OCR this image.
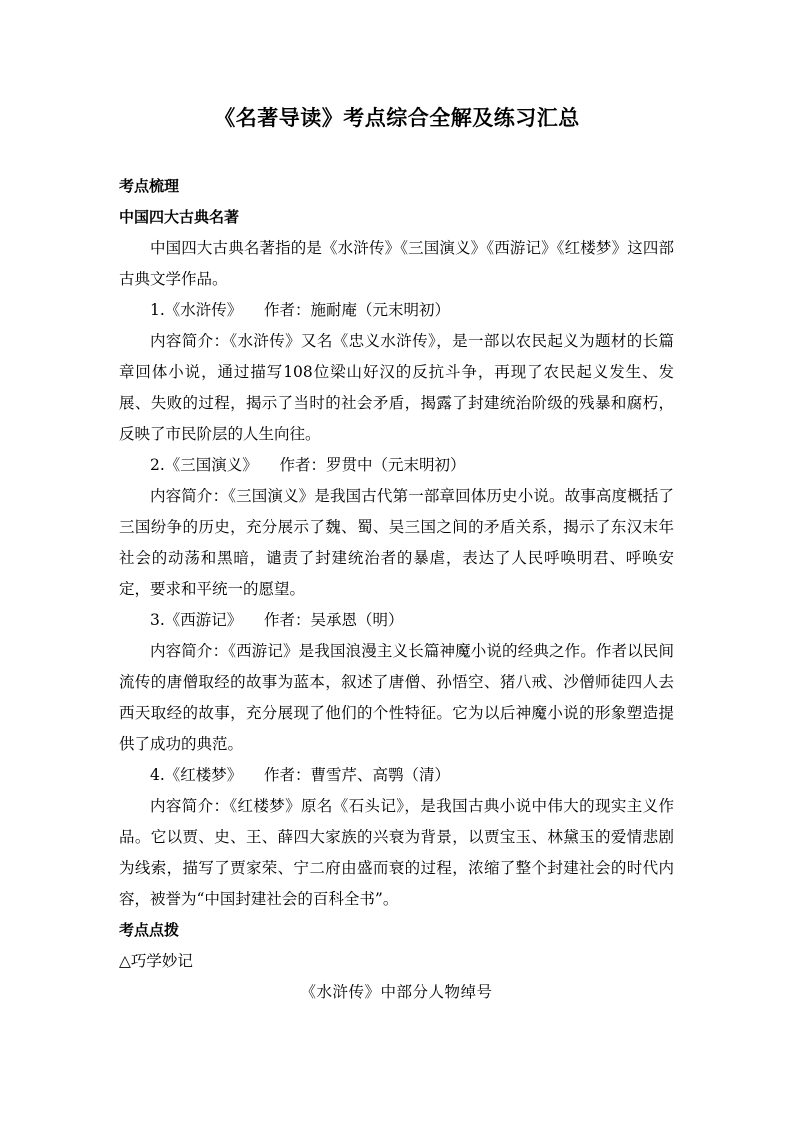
《名著导读》考点综合全解及练习汇总

考点梳理

中国四大古典名著

中国四大古典名著指的是《水浒传》《三国演义》《西游记》《红楼梦》这四部古典文学作品。

1.《水浒传》 作者：施耐庵（元末明初）

内容简介：《水浒传》又名《忠义水浒传》，是一部以农民起义为题材的长篇章回体小说，通过描写108位梁山好汉的反抗斗争，再现了农民起义发生、发展、失败的过程，揭示了当时的社会矛盾，揭露了封建统治阶级的残暴和腐朽，反映了市民阶层的人生向往。

2.《三国演义》 作者：罗贯中（元末明初）

内容简介：《三国演义》是我国古代第一部章回体历史小说。故事高度概括了三国纷争的历史，充分展示了魏、蜀、吴三国之间的矛盾关系，揭示了东汉末年社会的动荡和黑暗，谴责了封建统治者的暴虐，表达了人民呼唤明君、呼唤安定，要求和平统一的愿望。

3.《西游记》 作者：吴承恩（明）

内容简介：《西游记》是我国浪漫主义长篇神魔小说的经典之作。作者以民间流传的唐僧取经的故事为蓝本，叙述了唐僧、孙悟空、猪八戒、沙僧师徒四人去西天取经的故事，充分展现了他们的个性特征。它为以后神魔小说的形象塑造提供了成功的典范。

4.《红楼梦》 作者：曹雪芹、高鹗（清）

内容简介：《红楼梦》原名《石头记》，是我国古典小说中伟大的现实主义作品。它以贾、史、王、薛四大家族的兴衰为背景，以贾宝玉、林黛玉的爱情悲剧为线索，描写了贾家荣、宁二府由盛而衰的过程，浓缩了整个封建社会的时代内容，被誉为“中国封建社会的百科全书”。

考点点拨

△巧学妙记

《水浒传》中部分人物绰号
